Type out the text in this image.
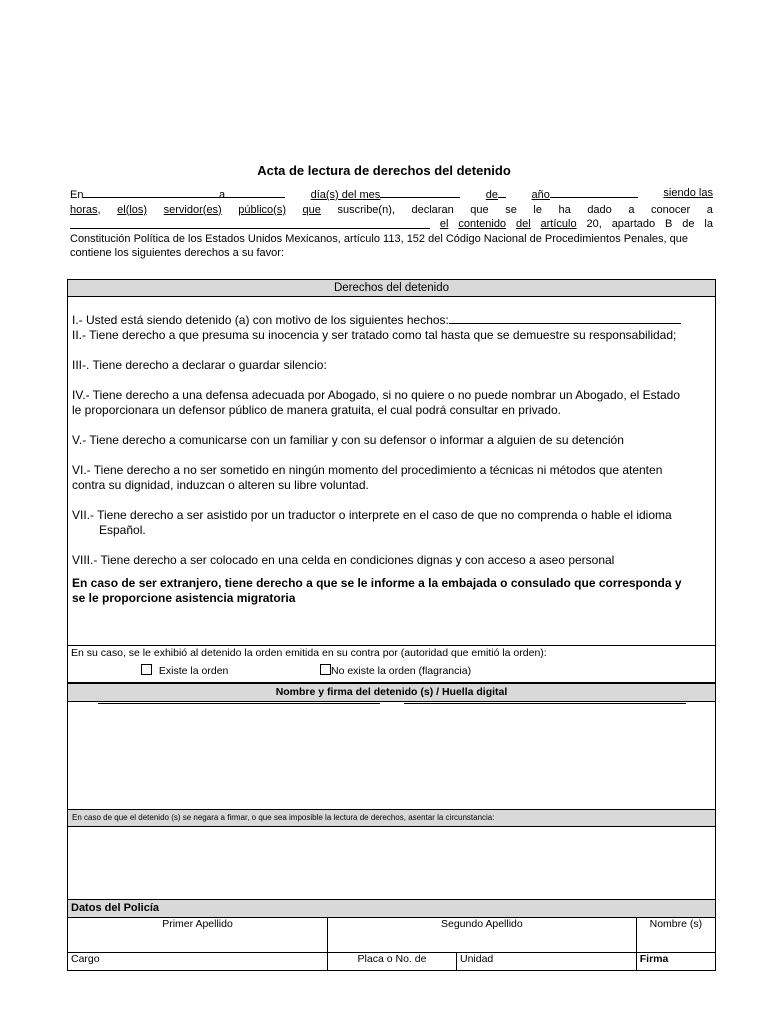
Acta de lectura de derechos del detenido
En	a	día(s) del mes	de	año	siendo las
horas, el(los) servidor(es) público(s) que suscribe(n), declaran que se le ha dado a conocer a
el contenido del artículo 20, apartado B de la
Constitución Política de los Estados Unidos Mexicanos, artículo 113, 152 del Código Nacional de Procedimientos Penales, que
contiene los siguientes derechos a su favor:
Derechos del detenido

I.- Usted está siendo detenido (a) con motivo de los siguientes hechos:

II.- Tiene derecho a que presuma su inocencia y ser tratado como tal hasta que se demuestre su responsabilidad;

III-. Tiene derecho a declarar o guardar silencio:

IV.- Tiene derecho a una defensa adecuada por Abogado, si no quiere o no puede nombrar un Abogado, el Estado

le proporcionara un defensor público de manera gratuita, el cual podrá consultar en privado.

V.- Tiene derecho a comunicarse con un familiar y con su defensor o informar a alguien de su detención

VI.- Tiene derecho a no ser sometido en ningún momento del procedimiento a técnicas ni métodos que atenten

contra su dignidad, induzcan o alteren su libre voluntad.

VII.- Tiene derecho a ser asistido por un traductor o interprete en el caso de que no comprenda o hable el idioma

Español.

VIII.- Tiene derecho a ser colocado en una celda en condiciones dignas y con acceso a aseo personal

En caso de ser extranjero, tiene derecho a que se le informe a la embajada o consulado que corresponda y

se le proporcione asistencia migratoria

En su caso, se le exhibió al detenido la orden emitida en su contra por (autoridad que emitió la orden):
Existe la orden	No existe la orden (flagrancia)
Nombre y firma del detenido (s) / Huella digital
En caso de que el detenido (s) se negara a firmar, o que sea imposible la lectura de derechos, asentar la circunstancia:
Datos del Policía			
Primer Apellido	Segundo Apellido		Nombre (s)
Cargo	Placa o No. de	Unidad	Firma
